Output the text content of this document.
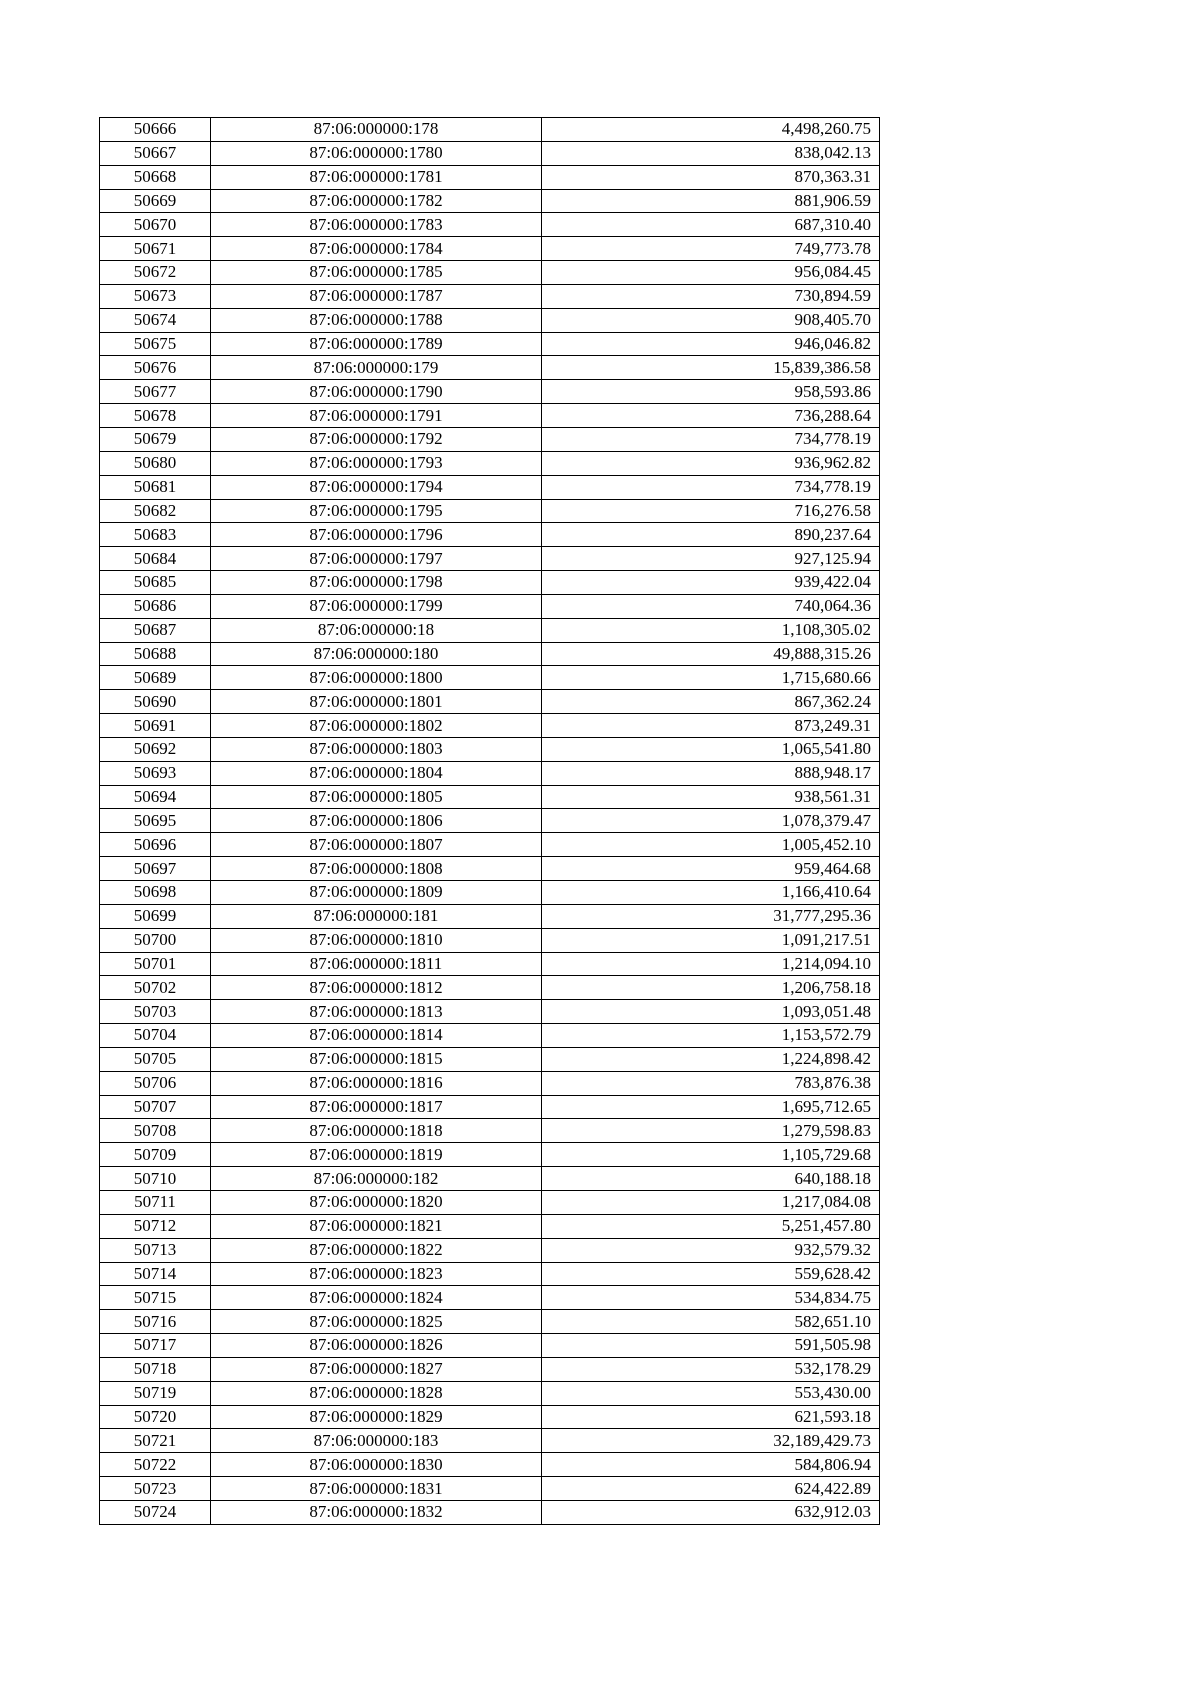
50666	87:06:000000:178	4,498,260.75
50667	87:06:000000:1780	838,042.13
50668	87:06:000000:1781	870,363.31
50669	87:06:000000:1782	881,906.59
50670	87:06:000000:1783	687,310.40
50671	87:06:000000:1784	749,773.78
50672	87:06:000000:1785	956,084.45
50673	87:06:000000:1787	730,894.59
50674	87:06:000000:1788	908,405.70
50675	87:06:000000:1789	946,046.82
50676	87:06:000000:179	15,839,386.58
50677	87:06:000000:1790	958,593.86
50678	87:06:000000:1791	736,288.64
50679	87:06:000000:1792	734,778.19
50680	87:06:000000:1793	936,962.82
50681	87:06:000000:1794	734,778.19
50682	87:06:000000:1795	716,276.58
50683	87:06:000000:1796	890,237.64
50684	87:06:000000:1797	927,125.94
50685	87:06:000000:1798	939,422.04
50686	87:06:000000:1799	740,064.36
50687	87:06:000000:18	1,108,305.02
50688	87:06:000000:180	49,888,315.26
50689	87:06:000000:1800	1,715,680.66
50690	87:06:000000:1801	867,362.24
50691	87:06:000000:1802	873,249.31
50692	87:06:000000:1803	1,065,541.80
50693	87:06:000000:1804	888,948.17
50694	87:06:000000:1805	938,561.31
50695	87:06:000000:1806	1,078,379.47
50696	87:06:000000:1807	1,005,452.10
50697	87:06:000000:1808	959,464.68
50698	87:06:000000:1809	1,166,410.64
50699	87:06:000000:181	31,777,295.36
50700	87:06:000000:1810	1,091,217.51
50701	87:06:000000:1811	1,214,094.10
50702	87:06:000000:1812	1,206,758.18
50703	87:06:000000:1813	1,093,051.48
50704	87:06:000000:1814	1,153,572.79
50705	87:06:000000:1815	1,224,898.42
50706	87:06:000000:1816	783,876.38
50707	87:06:000000:1817	1,695,712.65
50708	87:06:000000:1818	1,279,598.83
50709	87:06:000000:1819	1,105,729.68
50710	87:06:000000:182	640,188.18
50711	87:06:000000:1820	1,217,084.08
50712	87:06:000000:1821	5,251,457.80
50713	87:06:000000:1822	932,579.32
50714	87:06:000000:1823	559,628.42
50715	87:06:000000:1824	534,834.75
50716	87:06:000000:1825	582,651.10
50717	87:06:000000:1826	591,505.98
50718	87:06:000000:1827	532,178.29
50719	87:06:000000:1828	553,430.00
50720	87:06:000000:1829	621,593.18
50721	87:06:000000:183	32,189,429.73
50722	87:06:000000:1830	584,806.94
50723	87:06:000000:1831	624,422.89
50724	87:06:000000:1832	632,912.03
